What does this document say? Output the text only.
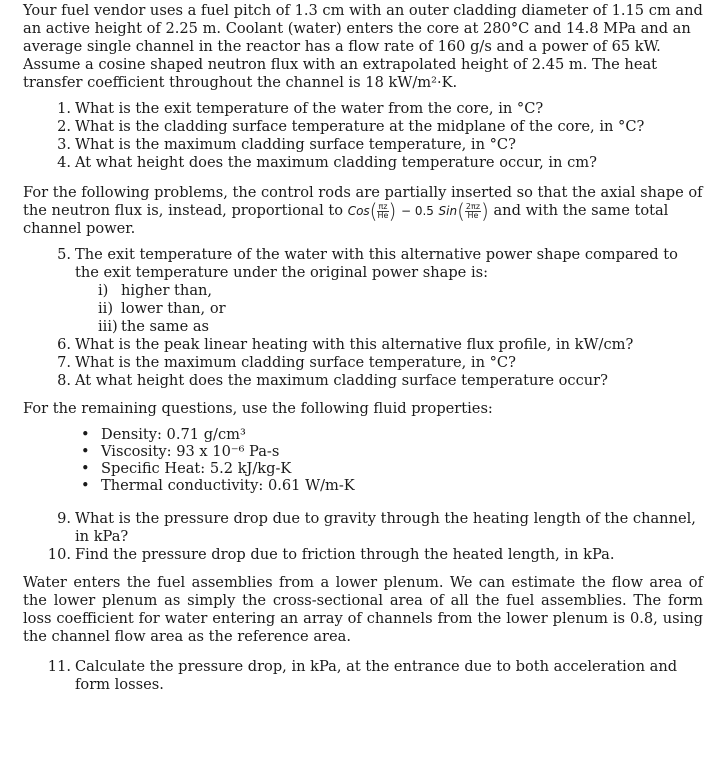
Your fuel vendor uses a fuel pitch of 1.3 cm with an outer cladding diameter of 1.15 cm and an active height of 2.25 m. Coolant (water) enters the core at 280°C and 14.8 MPa and an average single channel in the reactor has a flow rate of 160 g/s and a power of 65 kW. Assume a cosine shaped neutron flux with an extrapolated height of 2.45 m. The heat transfer coefficient throughout the channel is 18 kW/m²·K.

1. What is the exit temperature of the water from the core, in °C?
2. What is the cladding surface temperature at the midplane of the core, in °C?
3. What is the maximum cladding surface temperature, in °C?
4. At what height does the maximum cladding temperature occur, in cm?

For the following problems, the control rods are partially inserted so that the axial shape of the neutron flux is, instead, proportional to $Cos( \frac{\pi z}{He}$ ) − 0.5 $Sin( \frac{2\pi z}{He}$ ) and with the same total channel power.

5. The exit temperature of the water with this alternative power shape compared to the exit temperature under the original power shape is:
i) higher than,
ii) lower than, or
iii) the same as
6. What is the peak linear heating with this alternative flux profile, in kW/cm?
7. What is the maximum cladding surface temperature, in °C?
8. At what height does the maximum cladding surface temperature occur?

For the remaining questions, use the following fluid properties:

• Density: 0.71 g/cm³
• Viscosity: 93 x 10⁻⁶ Pa-s
• Specific Heat: 5.2 kJ/kg-K
• Thermal conductivity: 0.61 W/m-K
9. What is the pressure drop due to gravity through the heating length of the channel, in kPa?
10. Find the pressure drop due to friction through the heated length, in kPa.

Water enters the fuel assemblies from a lower plenum. We can estimate the flow area of the lower plenum as simply the cross-sectional area of all the fuel assemblies. The form loss coefficient for water entering an array of channels from the lower plenum is 0.8, using the channel flow area as the reference area.

11. Calculate the pressure drop, in kPa, at the entrance due to both acceleration and form losses.
